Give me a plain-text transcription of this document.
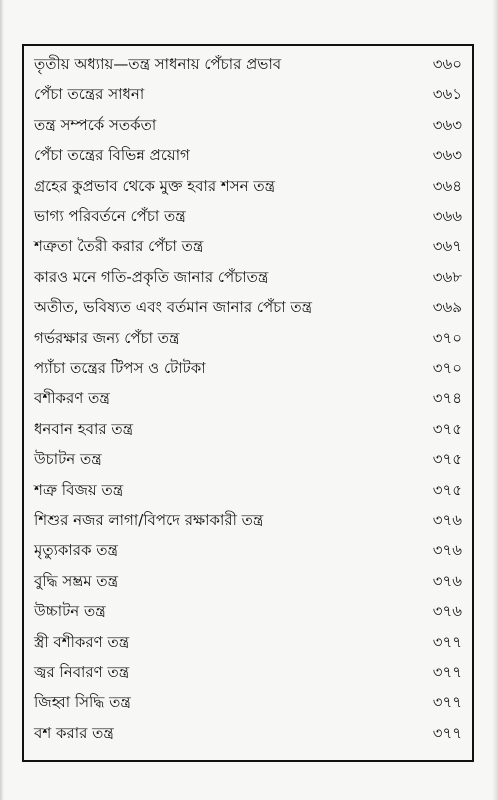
তৃতীয় অধ্যায়—তন্ত্র সাধনায় পেঁচার প্রভাব	৩৬০
পেঁচা তন্ত্রের সাধনা	৩৬১
তন্ত্র সম্পর্কে সতর্কতা	৩৬৩
পেঁচা তন্ত্রের বিভিন্ন প্রয়োগ	৩৬৩
গ্রহের কুপ্রভাব থেকে মুক্ত হবার শসন তন্ত্র	৩৬৪
ভাগ্য পরিবর্তনে পেঁচা তন্ত্র	৩৬৬
শত্রুতা তৈরী করার পেঁচা তন্ত্র	৩৬৭
কারও মনে গতি-প্রকৃতি জানার পেঁচাতন্ত্র	৩৬৮
অতীত, ভবিষ্যত এবং বর্তমান জানার পেঁচা তন্ত্র	৩৬৯
গর্ভরক্ষার জন্য পেঁচা তন্ত্র	৩৭০
প্যাঁচা তন্ত্রের টিপস ও টোটকা	৩৭০
বশীকরণ তন্ত্র	৩৭৪
ধনবান হবার তন্ত্র	৩৭৫
উচাটন তন্ত্র	৩৭৫
শত্রু বিজয় তন্ত্র	৩৭৫
শিশুর নজর লাগা/বিপদে রক্ষাকারী তন্ত্র	৩৭৬
মৃত্যুকারক তন্ত্র	৩৭৬
বুদ্ধি সম্ভ্রম তন্ত্র	৩৭৬
উচ্চাটন তন্ত্র	৩৭৬
স্ত্রী বশীকরণ তন্ত্র	৩৭৭
জ্বর নিবারণ তন্ত্র	৩৭৭
জিহ্বা সিদ্ধি তন্ত্র	৩৭৭
বশ করার তন্ত্র	৩৭৭
